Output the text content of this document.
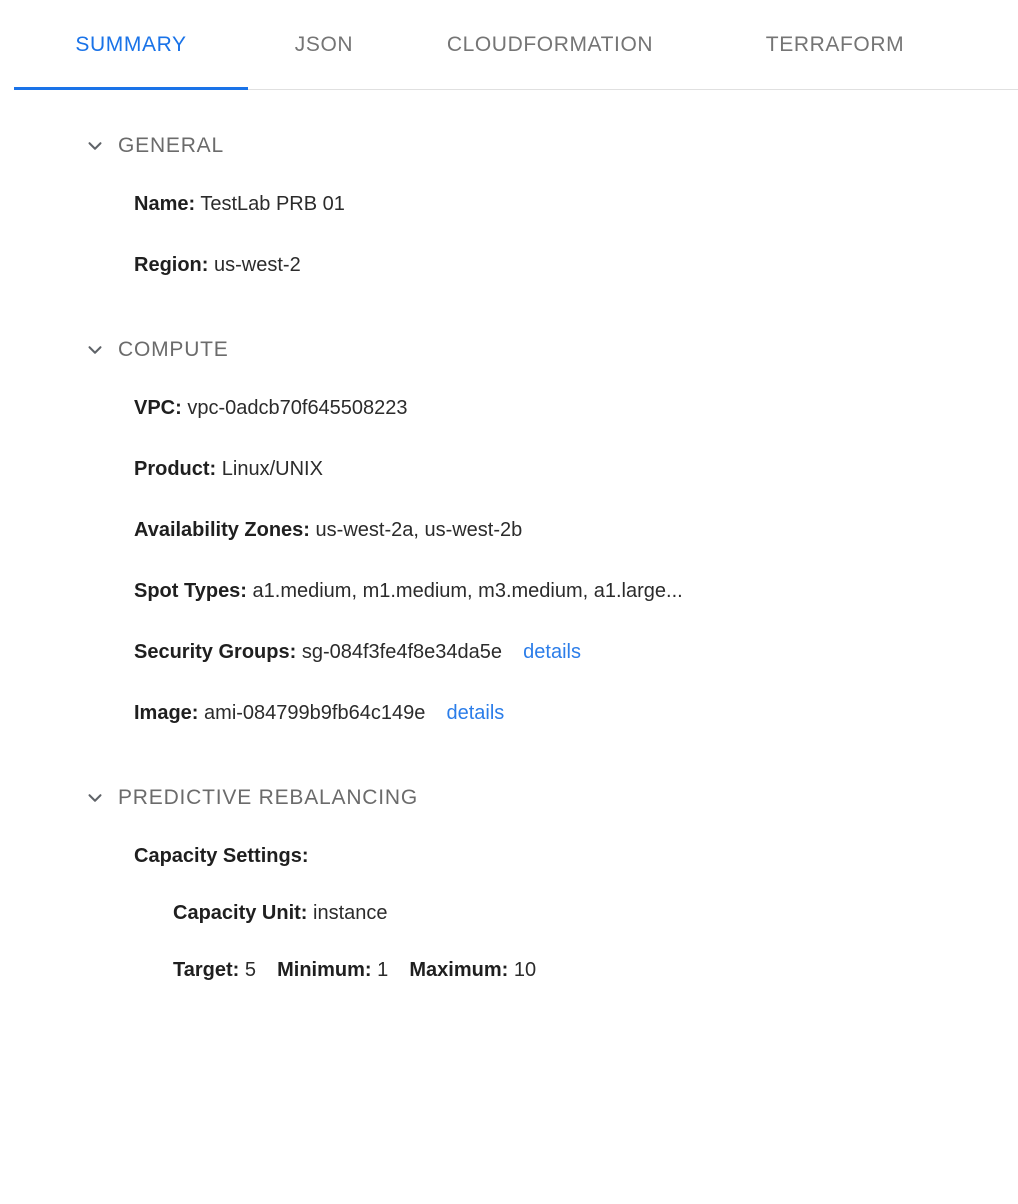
SUMMARY	JSON	CLOUDFORMATION	TERRAFORM
GENERAL
Name: TestLab PRB 01
Region: us-west-2
COMPUTE
VPC: vpc-0adcb70f645508223
Product: Linux/UNIX
Availability Zones: us-west-2a, us-west-2b
Spot Types: a1.medium, m1.medium, m3.medium, a1.large...
Security Groups: sg-084f3fe4f8e34da5e details
Image: ami-084799b9fb64c149e details
PREDICTIVE REBALANCING
Capacity Settings:
Capacity Unit: instance
Target: 5 Minimum: 1 Maximum: 10
